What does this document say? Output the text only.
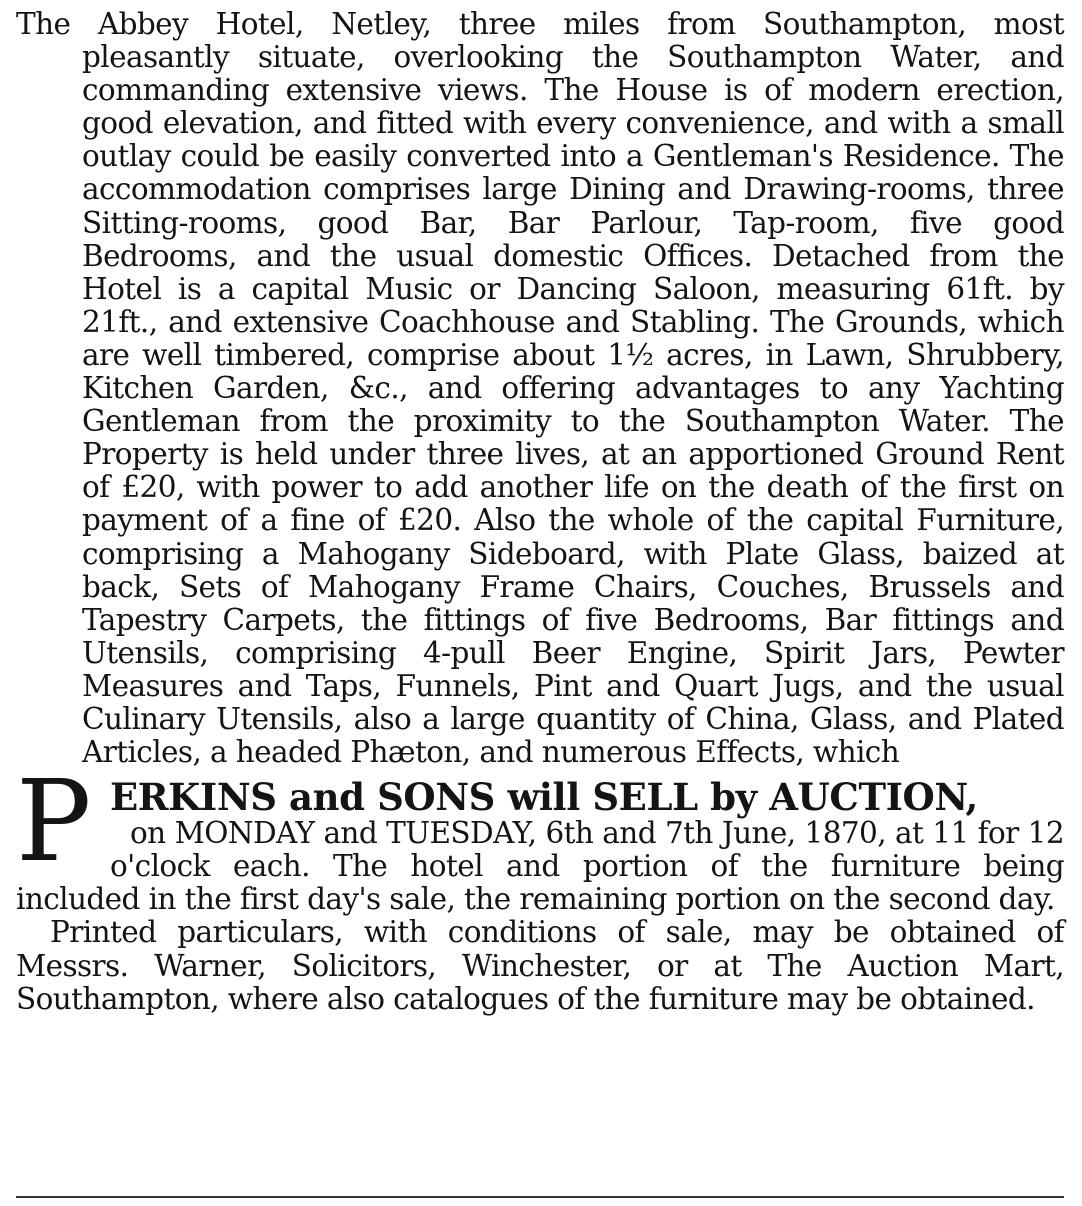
The Abbey Hotel, Netley, three miles from Southampton, most pleasantly situate, overlooking the Southampton Water, and commanding extensive views. The House is of modern erection, good elevation, and fitted with every convenience, and with a small outlay could be easily converted into a Gentleman's Residence. The accommodation comprises large Dining and Drawing-rooms, three Sitting-rooms, good Bar, Bar Parlour, Tap-room, five good Bedrooms, and the usual domestic Offices. Detached from the Hotel is a capital Music or Dancing Saloon, measuring 61ft. by 21ft., and extensive Coachhouse and Stabling. The Grounds, which are well timbered, comprise about 1½ acres, in Lawn, Shrubbery, Kitchen Garden, &c., and offering advantages to any Yachting Gentleman from the proximity to the Southampton Water. The Property is held under three lives, at an apportioned Ground Rent of £20, with power to add another life on the death of the first on payment of a fine of £20. Also the whole of the capital Furniture, comprising a Mahogany Sideboard, with Plate Glass, baized at back, Sets of Mahogany Frame Chairs, Couches, Brussels and Tapestry Carpets, the fittings of five Bedrooms, Bar fittings and Utensils, comprising 4-pull Beer Engine, Spirit Jars, Pewter Measures and Taps, Funnels, Pint and Quart Jugs, and the usual Culinary Utensils, also a large quantity of China, Glass, and Plated Articles, a headed Phæton, and numerous Effects, which

P ERKINS and SONS will SELL by AUCTION,

on MONDAY and TUESDAY, 6th and 7th June, 1870, at 11 for 12 o'clock each. The hotel and portion of the furniture being included in the first day's sale, the remaining portion on the second day.

Printed particulars, with conditions of sale, may be obtained of Messrs. Warner, Solicitors, Winchester, or at The Auction Mart, Southampton, where also catalogues of the furniture may be obtained.
